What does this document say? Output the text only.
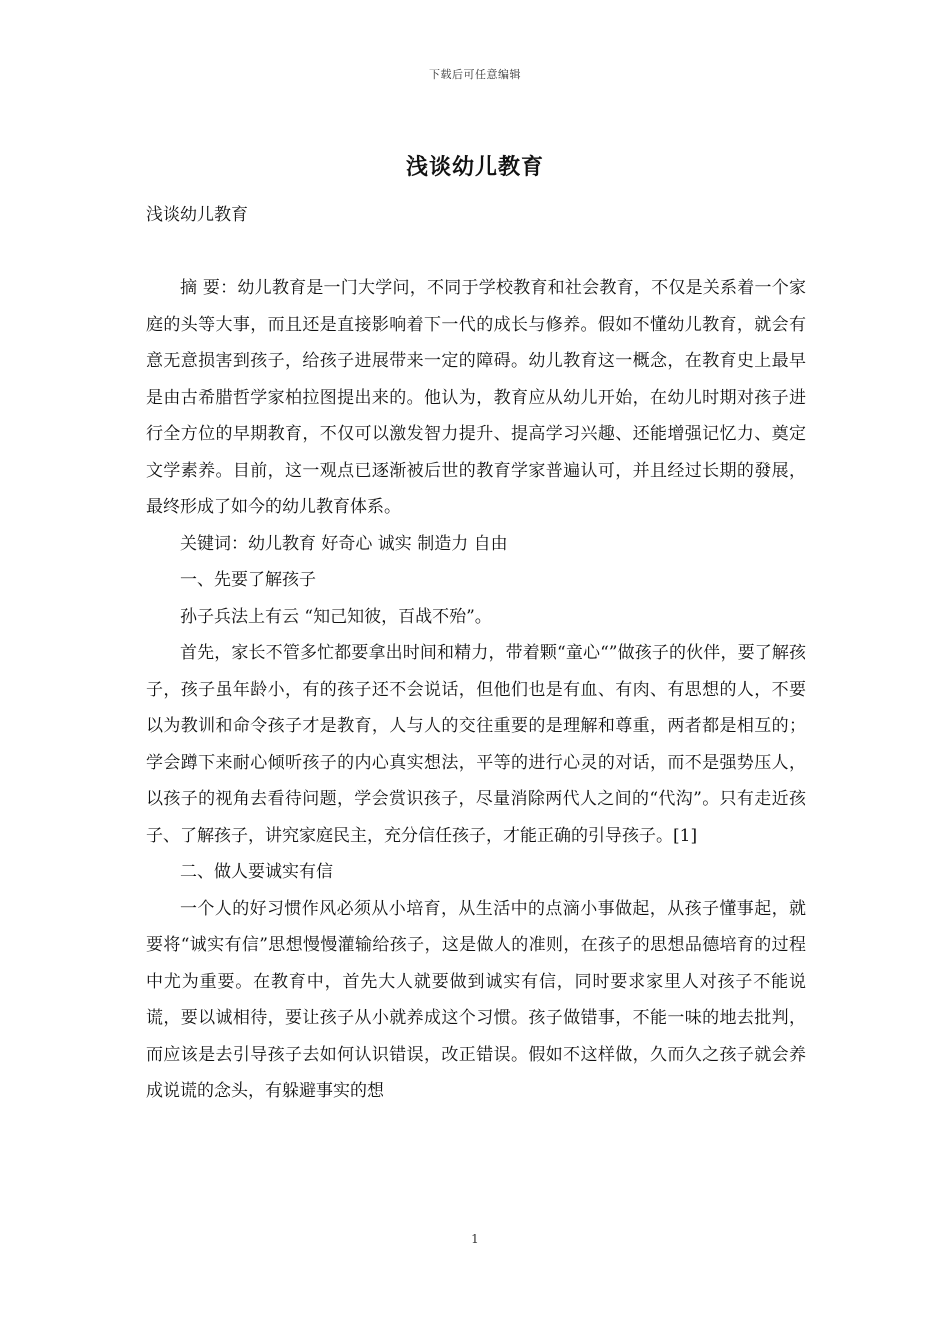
下载后可任意编辑
浅谈幼儿教育
浅谈幼儿教育

摘 要：幼儿教育是一门大学问，不同于学校教育和社会教育，不仅是关系着一个家庭的头等大事，而且还是直接影响着下一代的成长与修养。假如不懂幼儿教育，就会有意无意损害到孩子，给孩子进展带来一定的障碍。幼儿教育这一概念，在教育史上最早是由古希腊哲学家柏拉图提出来的。他认为，教育应从幼儿开始，在幼儿时期对孩子进行全方位的早期教育，不仅可以激发智力提升、提高学习兴趣、还能增强记忆力、奠定文学素养。目前，这一观点已逐渐被后世的教育学家普遍认可，并且经过长期的發展，最终形成了如今的幼儿教育体系。

关键词：幼儿教育 好奇心 诚实 制造力 自由

一、先要了解孩子

孙子兵法上有云 “知己知彼，百战不殆”。

首先，家长不管多忙都要拿出时间和精力，带着颗“童心“”做孩子的伙伴，要了解孩子，孩子虽年龄小，有的孩子还不会说话，但他们也是有血、有肉、有思想的人，不要以为教训和命令孩子才是教育，人与人的交往重要的是理解和尊重，两者都是相互的；学会蹲下来耐心倾听孩子的内心真实想法，平等的进行心灵的对话，而不是强势压人，以孩子的视角去看待问题，学会赏识孩子，尽量消除两代人之间的“代沟”。只有走近孩子、了解孩子，讲究家庭民主，充分信任孩子，才能正确的引导孩子。[1]

二、做人要诚实有信

一个人的好习惯作风必须从小培育，从生活中的点滴小事做起，从孩子懂事起，就要将“诚实有信”思想慢慢灌输给孩子，这是做人的准则，在孩子的思想品德培育的过程中尤为重要。在教育中，首先大人就要做到诚实有信，同时要求家里人对孩子不能说谎，要以诚相待，要让孩子从小就养成这个习惯。孩子做错事，不能一味的地去批判，而应该是去引导孩子去如何认识错误，改正错误。假如不这样做，久而久之孩子就会养成说谎的念头，有躲避事实的想

1
